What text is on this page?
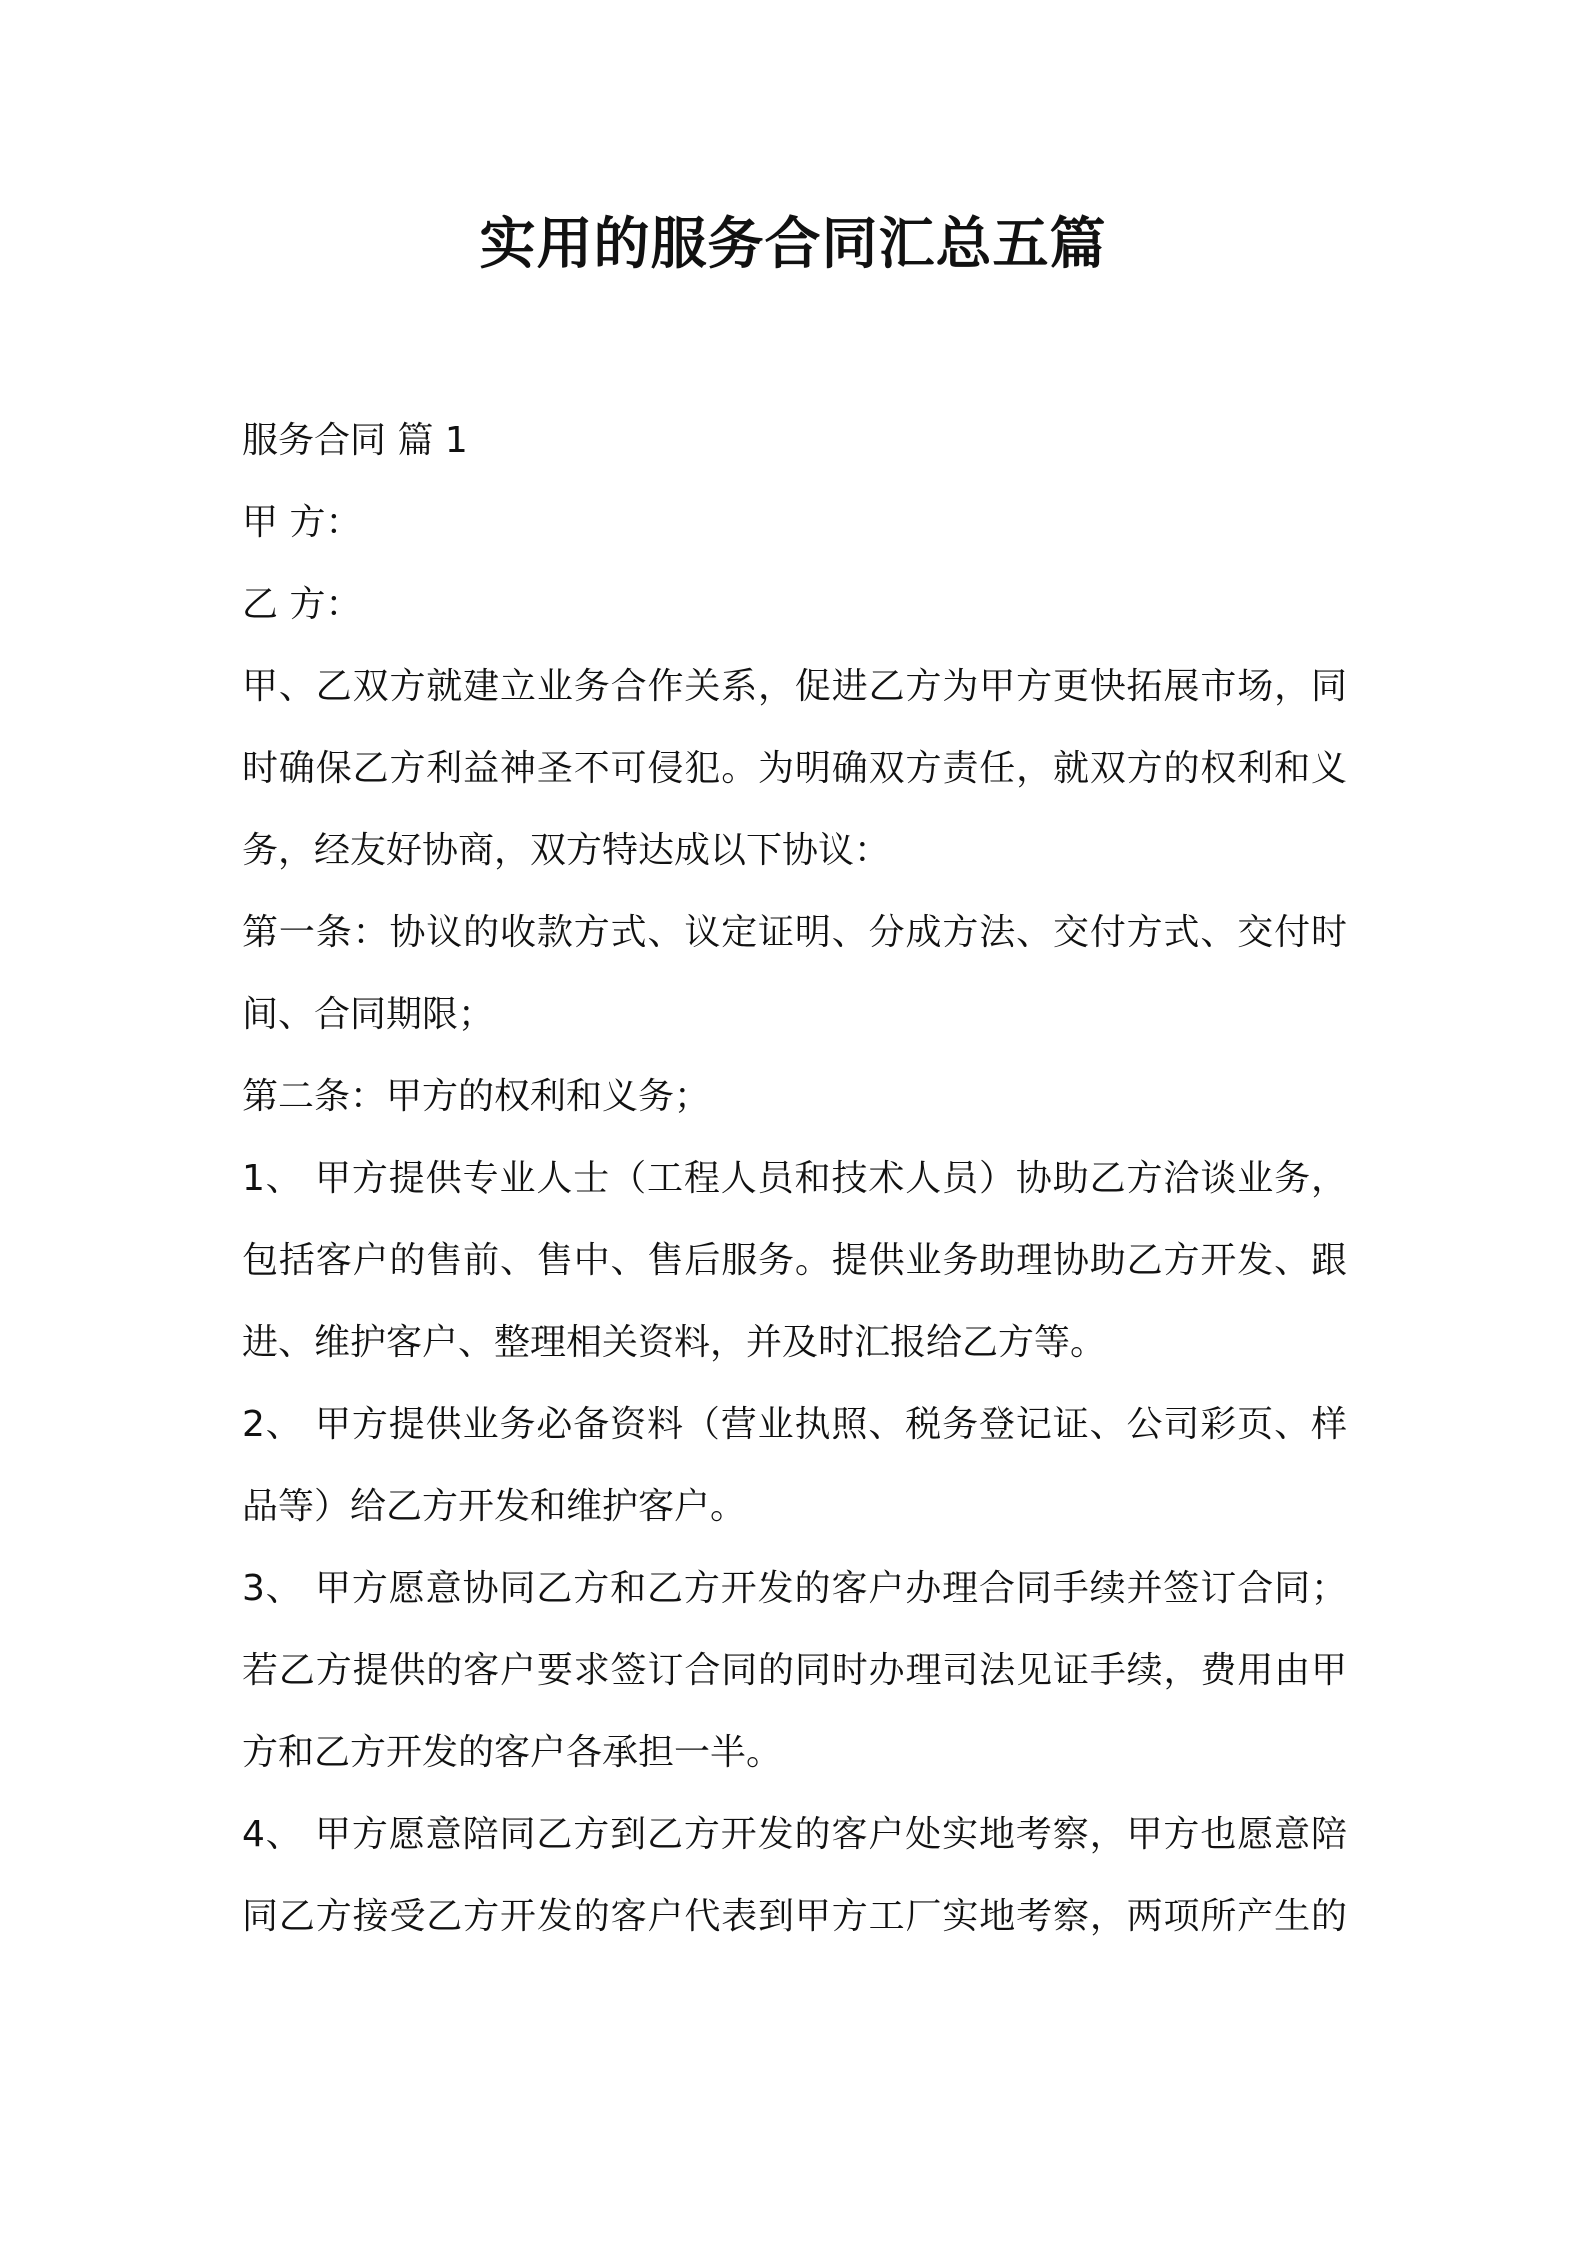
实用的服务合同汇总五篇
服务合同 篇 1
甲 方：
乙 方：
甲、乙双方就建立业务合作关系，促进乙方为甲方更快拓展市场，同
时确保乙方利益神圣不可侵犯。为明确双方责任，就双方的权利和义
务，经友好协商，双方特达成以下协议：
第一条：协议的收款方式、议定证明、分成方法、交付方式、交付时
间、合同期限；
第二条：甲方的权利和义务；
1、 甲方提供专业人士（工程人员和技术人员）协助乙方洽谈业务，
包括客户的售前、售中、售后服务。提供业务助理协助乙方开发、跟
进、维护客户、整理相关资料，并及时汇报给乙方等。
2、 甲方提供业务必备资料（营业执照、税务登记证、公司彩页、样
品等）给乙方开发和维护客户。
3、 甲方愿意协同乙方和乙方开发的客户办理合同手续并签订合同；
若乙方提供的客户要求签订合同的同时办理司法见证手续，费用由甲
方和乙方开发的客户各承担一半。
4、 甲方愿意陪同乙方到乙方开发的客户处实地考察，甲方也愿意陪
同乙方接受乙方开发的客户代表到甲方工厂实地考察，两项所产生的
